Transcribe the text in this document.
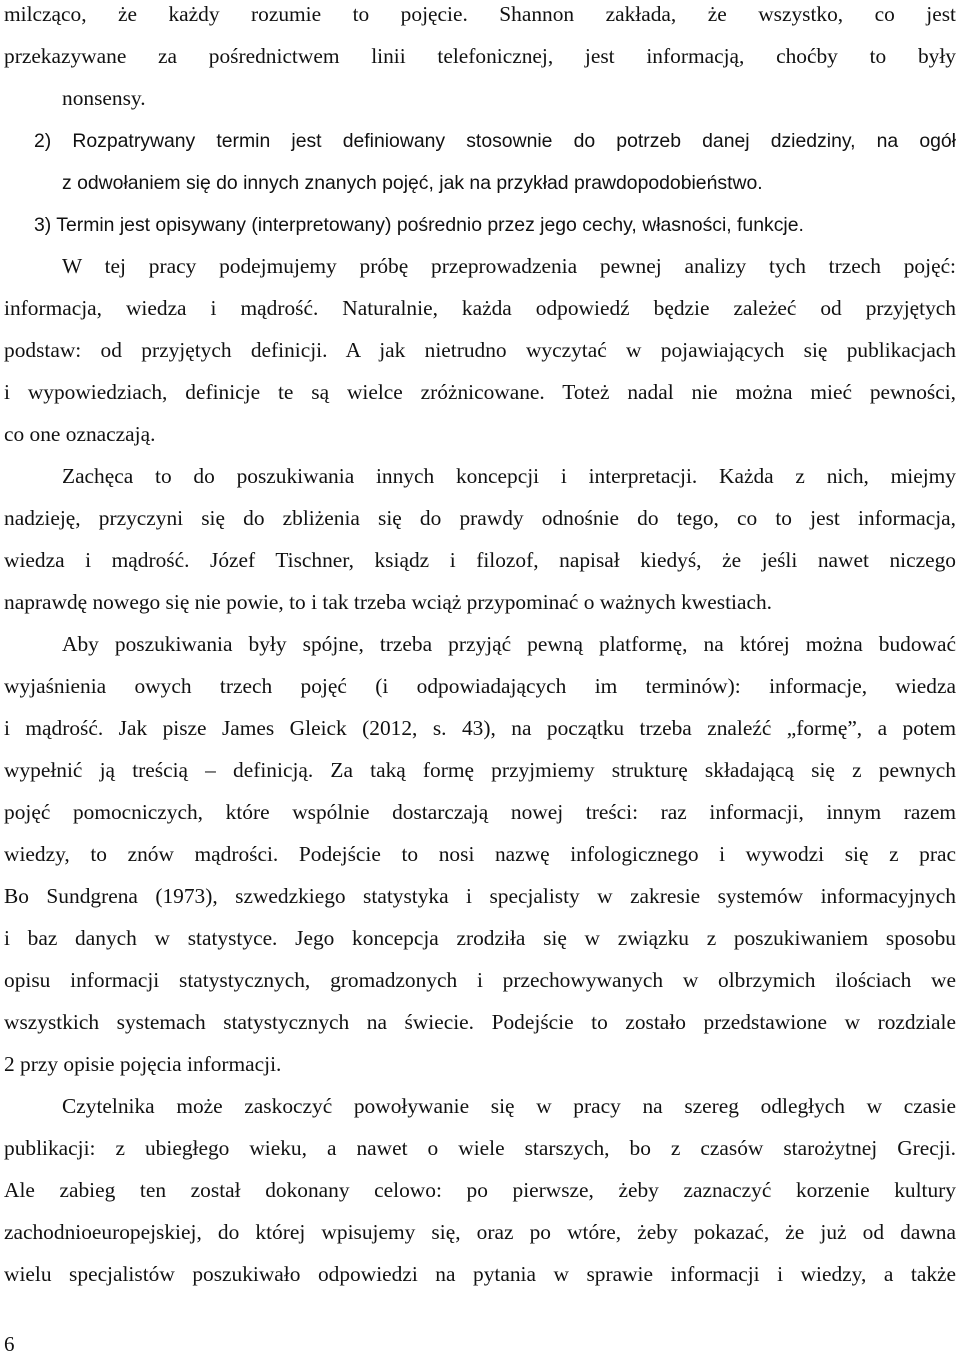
milcząco, że każdy rozumie to pojęcie. Shannon zakłada, że wszystko, co jest
przekazywane za pośrednictwem linii telefonicznej, jest informacją, choćby to były
nonsensy.
2) Rozpatrywany termin jest definiowany stosownie do potrzeb danej dziedziny, na ogół
z odwołaniem się do innych znanych pojęć, jak na przykład prawdopodobieństwo.
3) Termin jest opisywany (interpretowany) pośrednio przez jego cechy, własności, funkcje.
W tej pracy podejmujemy próbę przeprowadzenia pewnej analizy tych trzech pojęć:
informacja, wiedza i mądrość. Naturalnie, każda odpowiedź będzie zależeć od przyjętych
podstaw: od przyjętych definicji. A jak nietrudno wyczytać w pojawiających się publikacjach
i wypowiedziach, definicje te są wielce zróżnicowane. Toteż nadal nie można mieć pewności,
co one oznaczają.
Zachęca to do poszukiwania innych koncepcji i interpretacji. Każda z nich, miejmy
nadzieję, przyczyni się do zbliżenia się do prawdy odnośnie do tego, co to jest informacja,
wiedza i mądrość. Józef Tischner, ksiądz i filozof, napisał kiedyś, że jeśli nawet niczego
naprawdę nowego się nie powie, to i tak trzeba wciąż przypominać o ważnych kwestiach.
Aby poszukiwania były spójne, trzeba przyjąć pewną platformę, na której można budować
wyjaśnienia owych trzech pojęć (i odpowiadających im terminów): informacje, wiedza
i mądrość. Jak pisze James Gleick (2012, s. 43), na początku trzeba znaleźć „formę”, a potem
wypełnić ją treścią – definicją. Za taką formę przyjmiemy strukturę składającą się z pewnych
pojęć pomocniczych, które wspólnie dostarczają nowej treści: raz informacji, innym razem
wiedzy, to znów mądrości. Podejście to nosi nazwę infologicznego i wywodzi się z prac
Bo Sundgrena (1973), szwedzkiego statystyka i specjalisty w zakresie systemów informacyjnych
i baz danych w statystyce. Jego koncepcja zrodziła się w związku z poszukiwaniem sposobu
opisu informacji statystycznych, gromadzonych i przechowywanych w olbrzymich ilościach we
wszystkich systemach statystycznych na świecie. Podejście to zostało przedstawione w rozdziale
2 przy opisie pojęcia informacji.
Czytelnika może zaskoczyć powoływanie się w pracy na szereg odległych w czasie
publikacji: z ubiegłego wieku, a nawet o wiele starszych, bo z czasów starożytnej Grecji.
Ale zabieg ten został dokonany celowo: po pierwsze, żeby zaznaczyć korzenie kultury
zachodnioeuropejskiej, do której wpisujemy się, oraz po wtóre, żeby pokazać, że już od dawna
wielu specjalistów poszukiwało odpowiedzi na pytania w sprawie informacji i wiedzy, a także
6
